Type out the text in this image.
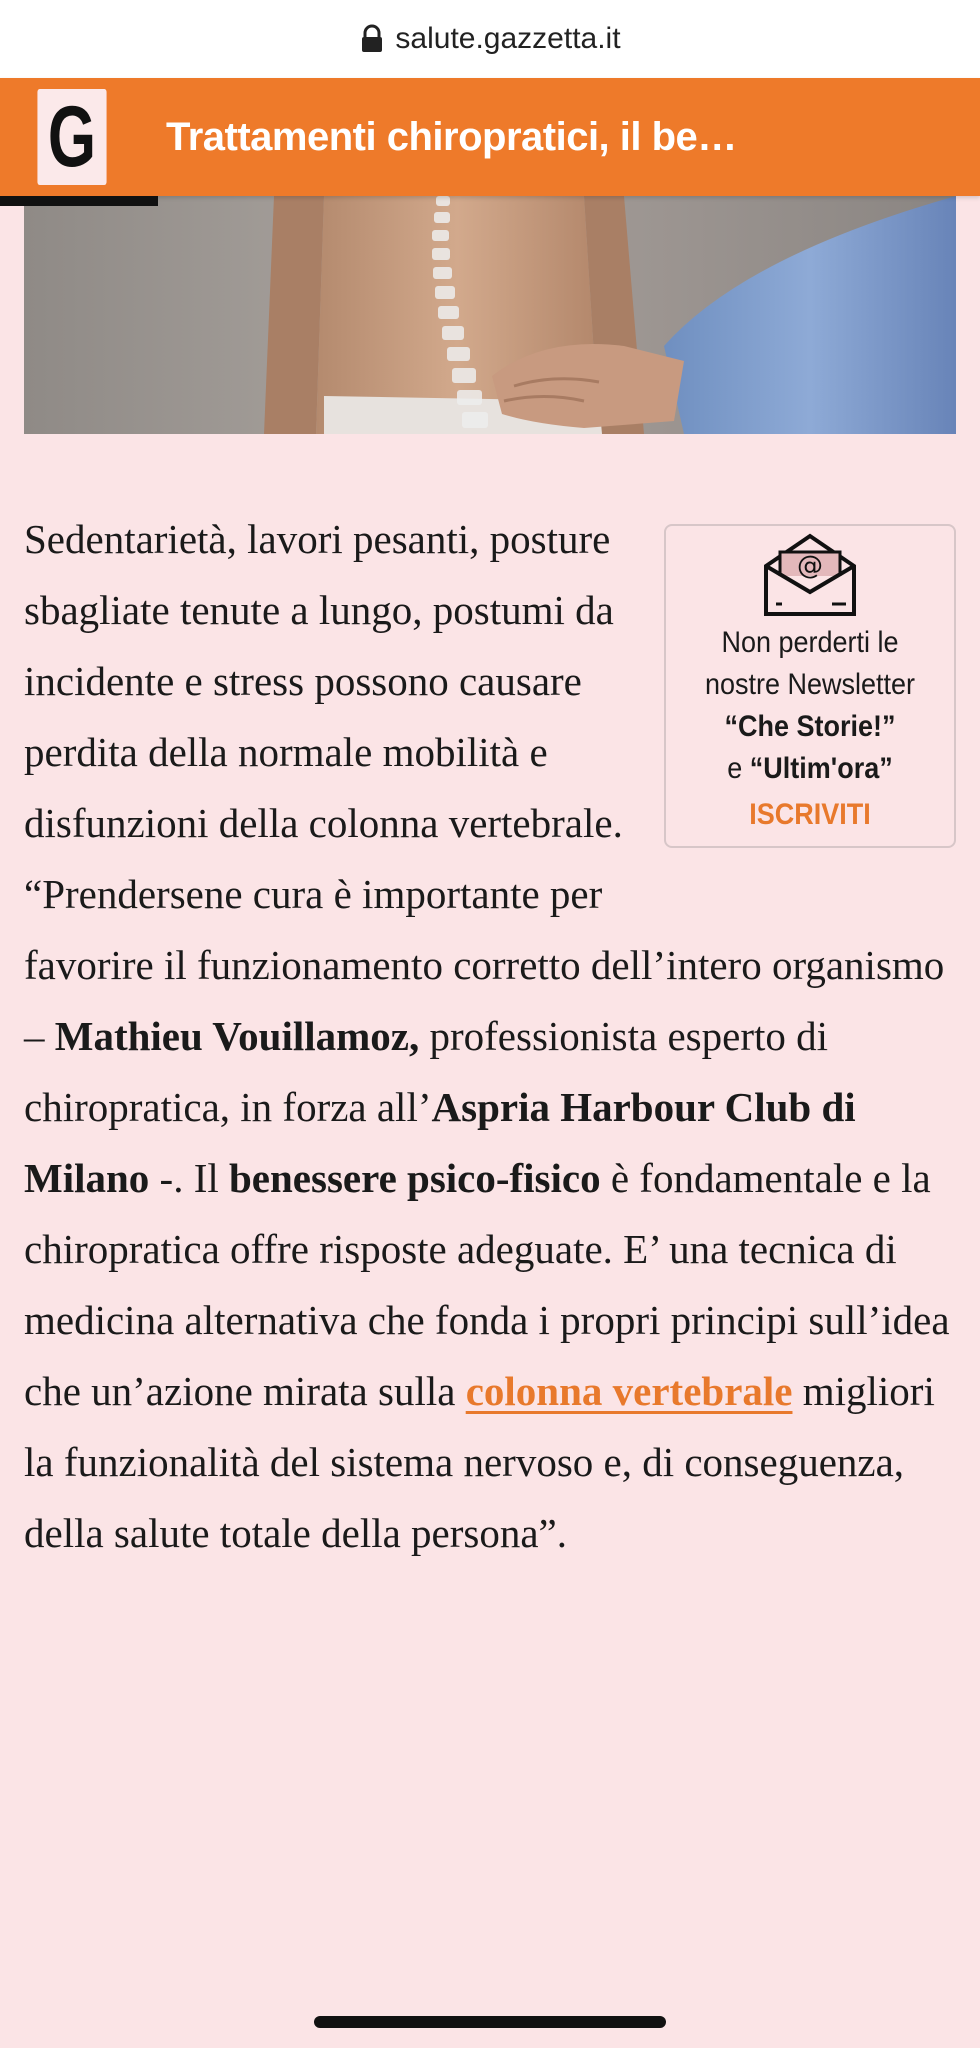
salute.gazzetta.it
G Trattamenti chiropratici, il be…
@
Non perderti le
nostre Newsletter
“Che Storie!”
e “Ultim'ora”
ISCRIVITI

Sedentarietà, lavori pesanti, posture sbagliate tenute a lungo, postumi da incidente e stress possono causare perdita della normale mobilità e disfunzioni della colonna vertebrale. “Prendersene cura è importante per favorire il funzionamento corretto dell’intero organismo – Mathieu Vouillamoz, professionista esperto di chiropratica, in forza all’Aspria Harbour Club di Milano -. Il benessere psico-fisico è fondamentale e la chiropratica offre risposte adeguate. E’ una tecnica di medicina alternativa che fonda i propri principi sull’idea che un’azione mirata sulla colonna vertebrale migliori la funzionalità del sistema nervoso e, di conseguenza, della salute totale della persona”.
